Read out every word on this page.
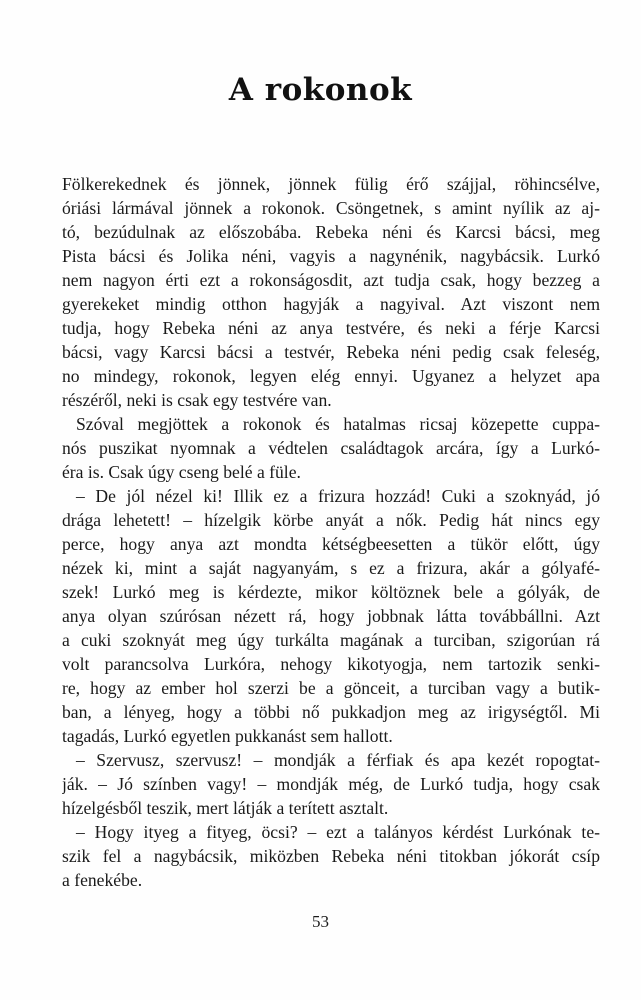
A rokonok
Fölkerekednek és jönnek, jönnek fülig érő szájjal, röhincsélve,
óriási lármával jönnek a rokonok. Csöngetnek, s amint nyílik az aj-
tó, bezúdulnak az előszobába. Rebeka néni és Karcsi bácsi, meg
Pista bácsi és Jolika néni, vagyis a nagynénik, nagybácsik. Lurkó
nem nagyon érti ezt a rokonságosdit, azt tudja csak, hogy bezzeg a
gyerekeket mindig otthon hagyják a nagyival. Azt viszont nem
tudja, hogy Rebeka néni az anya testvére, és neki a férje Karcsi
bácsi, vagy Karcsi bácsi a testvér, Rebeka néni pedig csak feleség,
no mindegy, rokonok, legyen elég ennyi. Ugyanez a helyzet apa
részéről, neki is csak egy testvére van.
Szóval megjöttek a rokonok és hatalmas ricsaj közepette cuppa-
nós puszikat nyomnak a védtelen családtagok arcára, így a Lurkó-
éra is. Csak úgy cseng belé a füle.
– De jól nézel ki! Illik ez a frizura hozzád! Cuki a szoknyád, jó
drága lehetett! – hízelgik körbe anyát a nők. Pedig hát nincs egy
perce, hogy anya azt mondta kétségbeesetten a tükör előtt, úgy
nézek ki, mint a saját nagyanyám, s ez a frizura, akár a gólyafé-
szek! Lurkó meg is kérdezte, mikor költöznek bele a gólyák, de
anya olyan szúrósan nézett rá, hogy jobbnak látta továbbállni. Azt
a cuki szoknyát meg úgy turkálta magának a turciban, szigorúan rá
volt parancsolva Lurkóra, nehogy kikotyogja, nem tartozik senki-
re, hogy az ember hol szerzi be a gönceit, a turciban vagy a butik-
ban, a lényeg, hogy a többi nő pukkadjon meg az irigységtől. Mi
tagadás, Lurkó egyetlen pukkanást sem hallott.
– Szervusz, szervusz! – mondják a férfiak és apa kezét ropogtat-
ják. – Jó színben vagy! – mondják még, de Lurkó tudja, hogy csak
hízelgésből teszik, mert látják a terített asztalt.
– Hogy ityeg a fityeg, öcsi? – ezt a talányos kérdést Lurkónak te-
szik fel a nagybácsik, miközben Rebeka néni titokban jókorát csíp
a fenekébe.
53
